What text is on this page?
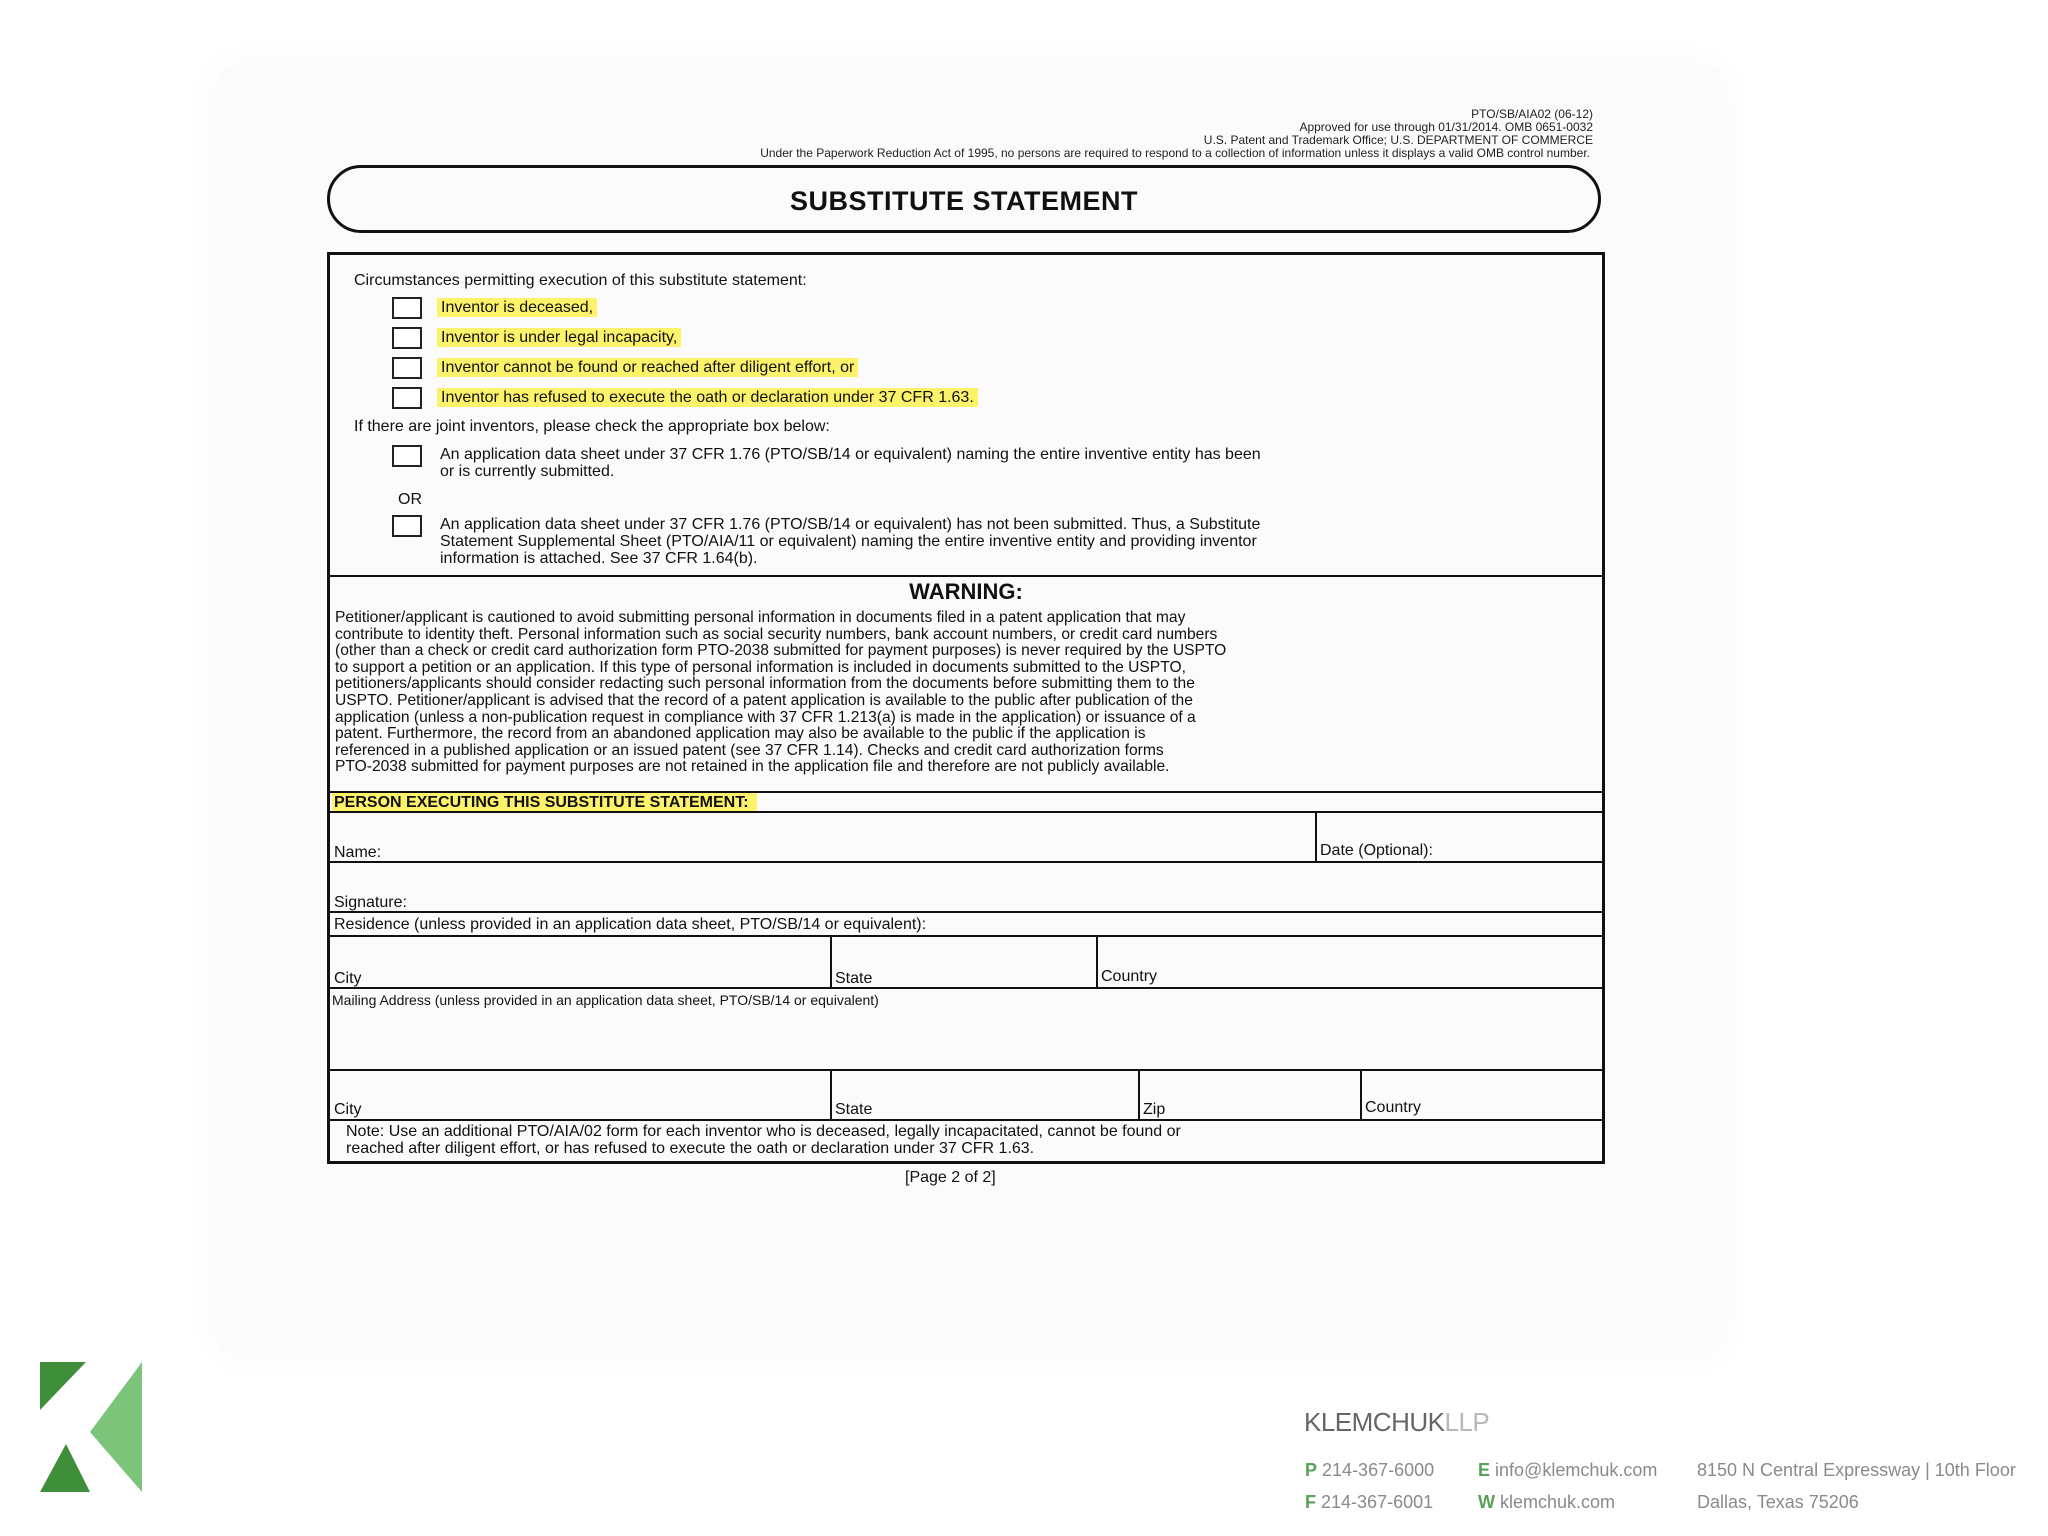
PTO/SB/AIA02 (06-12)
Approved for use through 01/31/2014. OMB 0651-0032
U.S. Patent and Trademark Office; U.S. DEPARTMENT OF COMMERCE
Under the Paperwork Reduction Act of 1995, no persons are required to respond to a collection of information unless it displays a valid OMB control number.
SUBSTITUTE STATEMENT
Circumstances permitting execution of this substitute statement:
Inventor is deceased,
Inventor is under legal incapacity,
Inventor cannot be found or reached after diligent effort, or
Inventor has refused to execute the oath or declaration under 37 CFR 1.63.
If there are joint inventors, please check the appropriate box below:
An application data sheet under 37 CFR 1.76 (PTO/SB/14 or equivalent) naming the entire inventive entity has been
or is currently submitted.
OR
An application data sheet under 37 CFR 1.76 (PTO/SB/14 or equivalent) has not been submitted. Thus, a Substitute
Statement Supplemental Sheet (PTO/AIA/11 or equivalent) naming the entire inventive entity and providing inventor
information is attached. See 37 CFR 1.64(b).
WARNING:
Petitioner/applicant is cautioned to avoid submitting personal information in documents filed in a patent application that may
contribute to identity theft. Personal information such as social security numbers, bank account numbers, or credit card numbers
(other than a check or credit card authorization form PTO-2038 submitted for payment purposes) is never required by the USPTO
to support a petition or an application. If this type of personal information is included in documents submitted to the USPTO,
petitioners/applicants should consider redacting such personal information from the documents before submitting them to the
USPTO. Petitioner/applicant is advised that the record of a patent application is available to the public after publication of the
application (unless a non-publication request in compliance with 37 CFR 1.213(a) is made in the application) or issuance of a
patent. Furthermore, the record from an abandoned application may also be available to the public if the application is
referenced in a published application or an issued patent (see 37 CFR 1.14). Checks and credit card authorization forms
PTO-2038 submitted for payment purposes are not retained in the application file and therefore are not publicly available.
PERSON EXECUTING THIS SUBSTITUTE STATEMENT:
Name:	Date (Optional):
Signature:
Residence (unless provided in an application data sheet, PTO/SB/14 or equivalent):
City	State	Country
Mailing Address (unless provided in an application data sheet, PTO/SB/14 or equivalent)
City	State	Zip	Country
Note: Use an additional PTO/AIA/02 form for each inventor who is deceased, legally incapacitated, cannot be found or
reached after diligent effort, or has refused to execute the oath or declaration under 37 CFR 1.63.
[Page 2 of 2]
KLEMCHUKLLP
P 214-367-6000
F 214-367-6001
E info@klemchuk.com
W klemchuk.com
8150 N Central Expressway | 10th Floor
Dallas, Texas 75206
